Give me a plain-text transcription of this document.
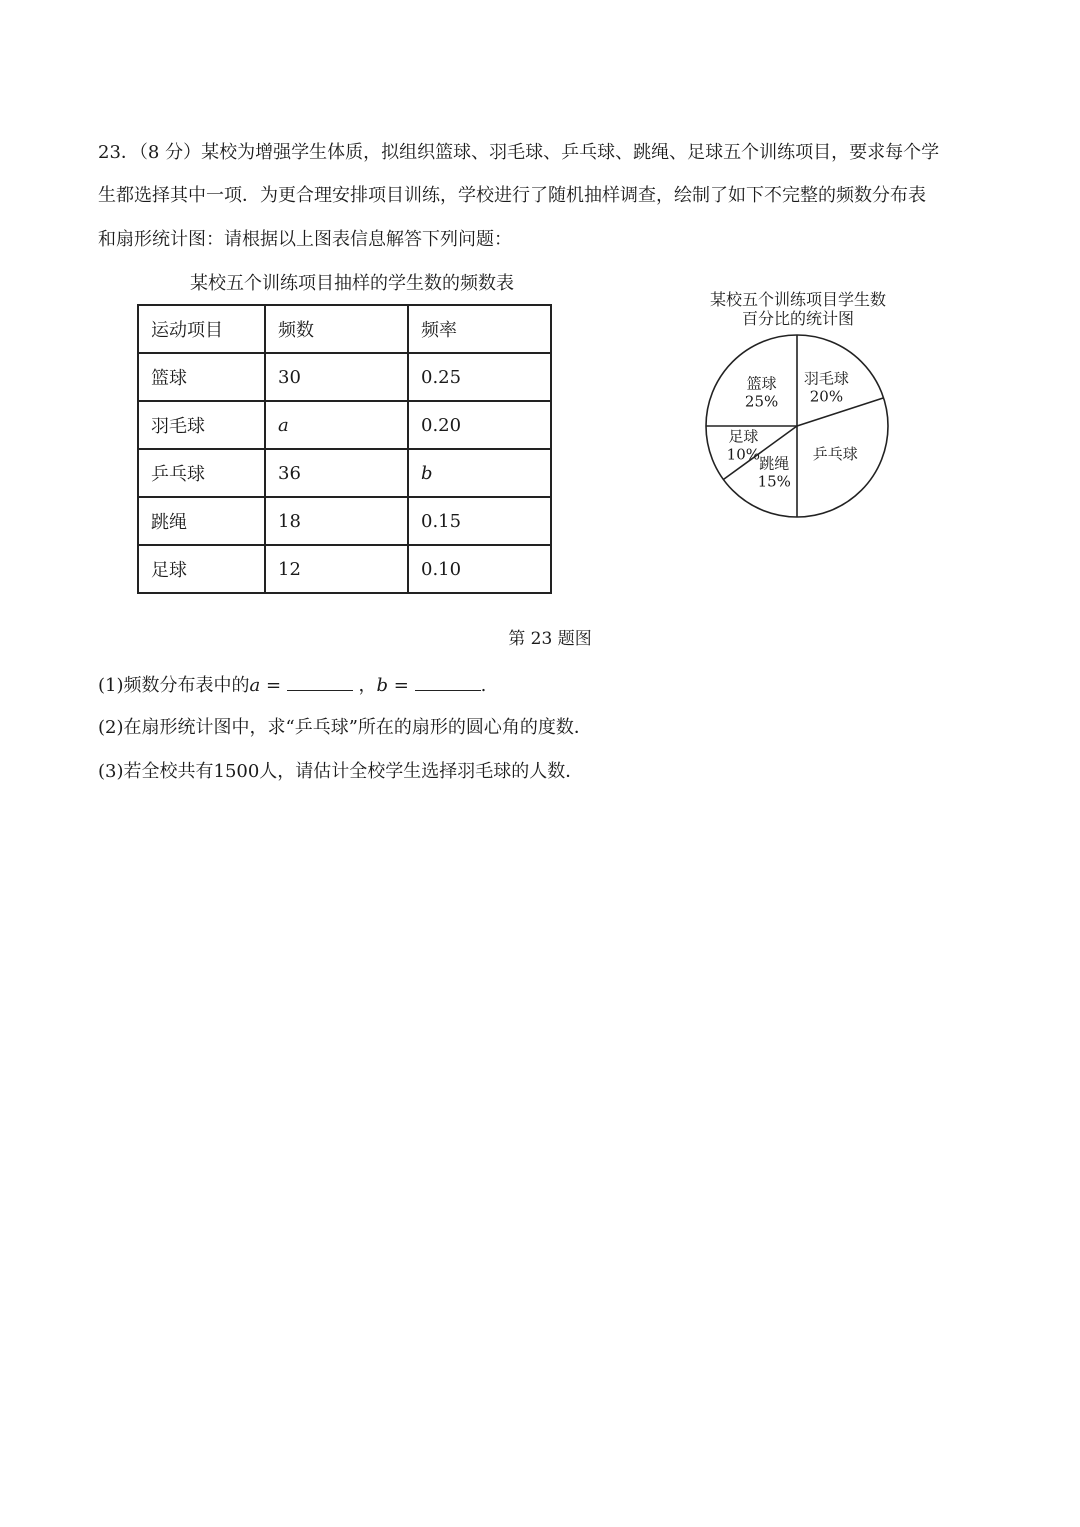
23．（8 分）某校为增强学生体质，拟组织篮球、羽毛球、乒乓球、跳绳、足球五个训练项目，要求每个学
生都选择其中一项．为更合理安排项目训练，学校进行了随机抽样调查，绘制了如下不完整的频数分布表
和扇形统计图：请根据以上图表信息解答下列问题：
某校五个训练项目抽样的学生数的频数表
运动项目	频数	频率
篮球	30	0.25
羽毛球	a	0.20
乒乓球	36	b
跳绳	18	0.15
足球	12	0.10
某校五个训练项目学生数
百分比的统计图
羽毛球
20%
乒乓球
跳绳
15%
足球
10%
篮球
25%
第 23 题图
(1)频数分布表中的a =	，b =	.
(2)在扇形统计图中，求“乒乓球”所在的扇形的圆心角的度数．
(3)若全校共有1500人，请估计全校学生选择羽毛球的人数．
